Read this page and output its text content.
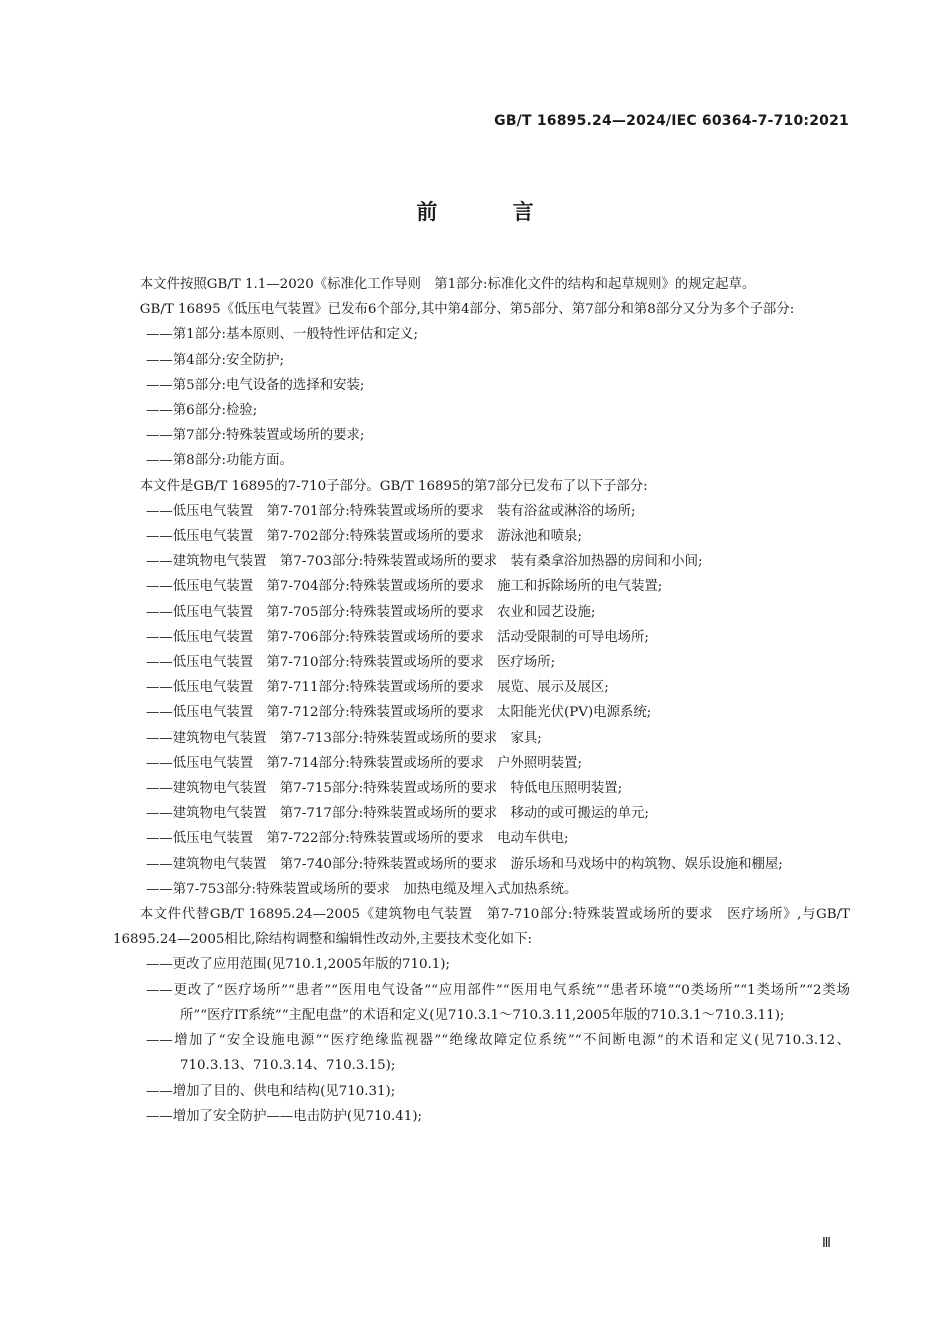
GB/T 16895.24—2024/IEC 60364-7-710:2021
前 言

本文件按照GB/T 1.1—2020《标准化工作导则　第1部分:标准化文件的结构和起草规则》的规定起草。

GB/T 16895《低压电气装置》已发布6个部分,其中第4部分、第5部分、第7部分和第8部分又分为多个子部分:

——第1部分:基本原则、一般特性评估和定义;

——第4部分:安全防护;

——第5部分:电气设备的选择和安装;

——第6部分:检验;

——第7部分:特殊装置或场所的要求;

——第8部分:功能方面。

本文件是GB/T 16895的7-710子部分。GB/T 16895的第7部分已发布了以下子部分:

——低压电气装置　第7-701部分:特殊装置或场所的要求　装有浴盆或淋浴的场所;

——低压电气装置　第7-702部分:特殊装置或场所的要求　游泳池和喷泉;

——建筑物电气装置　第7-703部分:特殊装置或场所的要求　装有桑拿浴加热器的房间和小间;

——低压电气装置　第7-704部分:特殊装置或场所的要求　施工和拆除场所的电气装置;

——低压电气装置　第7-705部分:特殊装置或场所的要求　农业和园艺设施;

——低压电气装置　第7-706部分:特殊装置或场所的要求　活动受限制的可导电场所;

——低压电气装置　第7-710部分:特殊装置或场所的要求　医疗场所;

——低压电气装置　第7-711部分:特殊装置或场所的要求　展览、展示及展区;

——低压电气装置　第7-712部分:特殊装置或场所的要求　太阳能光伏(PV)电源系统;

——建筑物电气装置　第7-713部分:特殊装置或场所的要求　家具;

——低压电气装置　第7-714部分:特殊装置或场所的要求　户外照明装置;

——建筑物电气装置　第7-715部分:特殊装置或场所的要求　特低电压照明装置;

——建筑物电气装置　第7-717部分:特殊装置或场所的要求　移动的或可搬运的单元;

——低压电气装置　第7-722部分:特殊装置或场所的要求　电动车供电;

——建筑物电气装置　第7-740部分:特殊装置或场所的要求　游乐场和马戏场中的构筑物、娱乐设施和棚屋;

——第7-753部分:特殊装置或场所的要求　加热电缆及埋入式加热系统。

本文件代替GB/T 16895.24—2005《建筑物电气装置　第7-710部分:特殊装置或场所的要求　医疗场所》,与GB/T 16895.24—2005相比,除结构调整和编辑性改动外,主要技术变化如下:

——更改了应用范围(见710.1,2005年版的710.1);

——更改了“医疗场所”“患者”“医用电气设备”“应用部件”“医用电气系统”“患者环境”“0类场所”“1类场所”“2类场所”“医疗IT系统”“主配电盘”的术语和定义(见710.3.1～710.3.11,2005年版的710.3.1～710.3.11);

——增加了“安全设施电源”“医疗绝缘监视器”“绝缘故障定位系统”“不间断电源”的术语和定义(见710.3.12、710.3.13、710.3.14、710.3.15);

——增加了目的、供电和结构(见710.31);

——增加了安全防护——电击防护(见710.41);

Ⅲ
